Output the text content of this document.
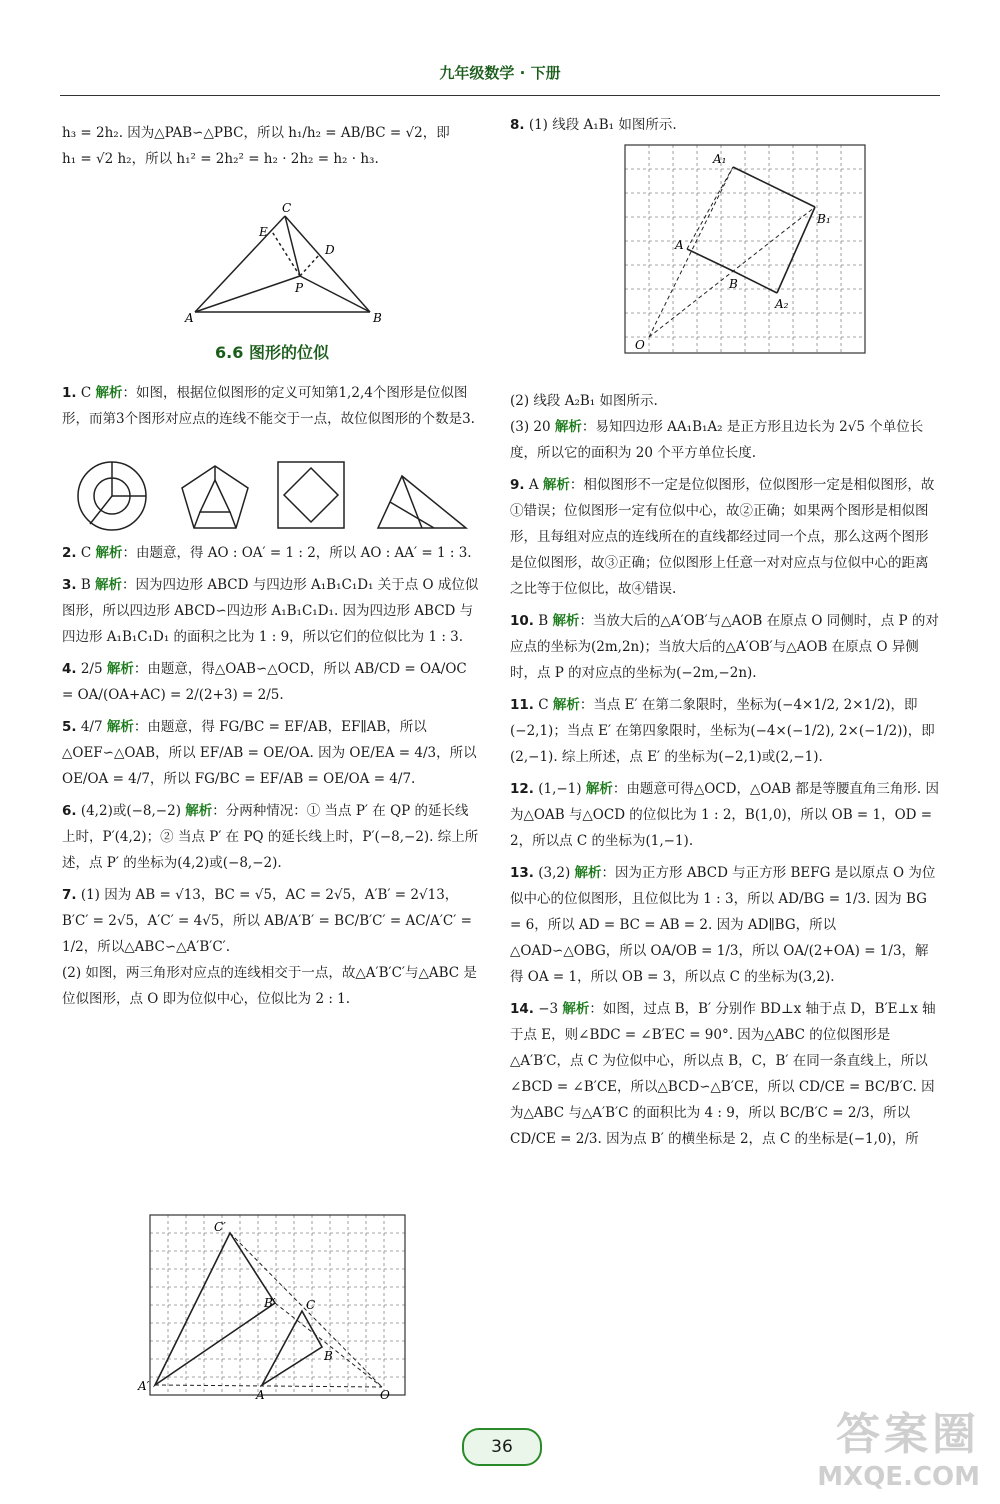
九年级数学 · 下册

h₃ = 2h₂. 因为△PAB∽△PBC，所以 h₁/h₂ = AB/BC = √2，即

h₁ = √2 h₂，所以 h₁² = 2h₂² = h₂ · 2h₂ = h₂ · h₃.

C
E
D
P
A	B
6.6 图形的位似

1. C 解析：如图，根据位似图形的定义可知第1,2,4个图形是位似图形，而第3个图形对应点的连线不能交于一点，故位似图形的个数是3.

2. C 解析：由题意，得 AO : OA′ = 1 : 2，所以 AO : AA′ = 1 : 3.

3. B 解析：因为四边形 ABCD 与四边形 A₁B₁C₁D₁ 关于点 O 成位似图形，所以四边形 ABCD∽四边形 A₁B₁C₁D₁. 因为四边形 ABCD 与四边形 A₁B₁C₁D₁ 的面积之比为 1 : 9，所以它们的位似比为 1 : 3.

4. 2/5 解析：由题意，得△OAB∽△OCD，所以 AB/CD = OA/OC = OA/(OA+AC) = 2/(2+3) = 2/5.

5. 4/7 解析：由题意，得 FG/BC = EF/AB，EF∥AB，所以△OEF∽△OAB，所以 EF/AB = OE/OA. 因为 OE/EA = 4/3，所以 OE/OA = 4/7，所以 FG/BC = EF/AB = OE/OA = 4/7.

6. (4,2)或(−8,−2) 解析：分两种情况：① 当点 P′ 在 QP 的延长线上时，P′(4,2)；② 当点 P′ 在 PQ 的延长线上时，P′(−8,−2). 综上所述，点 P′ 的坐标为(4,2)或(−8,−2).

7. (1) 因为 AB = √13，BC = √5，AC = 2√5，A′B′ = 2√13，B′C′ = 2√5，A′C′ = 4√5，所以 AB/A′B′ = BC/B′C′ = AC/A′C′ = 1/2，所以△ABC∽△A′B′C′.

(2) 如图，两三角形对应点的连线相交于一点，故△A′B′C′与△ABC 是位似图形，点 O 即为位似中心，位似比为 2 : 1.

C′
B′	C
B
A′
A	O

8. (1) 线段 A₁B₁ 如图所示.

A₁
B₁
A
B
A₂
O

(2) 线段 A₂B₁ 如图所示.

(3) 20 解析：易知四边形 AA₁B₁A₂ 是正方形且边长为 2√5 个单位长度，所以它的面积为 20 个平方单位长度.

9. A 解析：相似图形不一定是位似图形，位似图形一定是相似图形，故①错误；位似图形一定有位似中心，故②正确；如果两个图形是相似图形，且每组对应点的连线所在的直线都经过同一个点，那么这两个图形是位似图形，故③正确；位似图形上任意一对对应点与位似中心的距离之比等于位似比，故④错误.

10. B 解析：当放大后的△A′OB′与△AOB 在原点 O 同侧时，点 P 的对应点的坐标为(2m,2n)；当放大后的△A′OB′与△AOB 在原点 O 异侧时，点 P 的对应点的坐标为(−2m,−2n).

11. C 解析：当点 E′ 在第二象限时，坐标为(−4×1/2, 2×1/2)，即(−2,1)；当点 E′ 在第四象限时，坐标为(−4×(−1/2), 2×(−1/2))，即(2,−1). 综上所述，点 E′ 的坐标为(−2,1)或(2,−1).

12. (1,−1) 解析：由题意可得△OCD，△OAB 都是等腰直角三角形. 因为△OAB 与△OCD 的位似比为 1 : 2，B(1,0)，所以 OB = 1，OD = 2，所以点 C 的坐标为(1,−1).

13. (3,2) 解析：因为正方形 ABCD 与正方形 BEFG 是以原点 O 为位似中心的位似图形，且位似比为 1 : 3，所以 AD/BG = 1/3. 因为 BG = 6，所以 AD = BC = AB = 2. 因为 AD∥BG，所以△OAD∽△OBG，所以 OA/OB = 1/3，所以 OA/(2+OA) = 1/3，解得 OA = 1，所以 OB = 3，所以点 C 的坐标为(3,2).

14. −3 解析：如图，过点 B，B′ 分别作 BD⊥x 轴于点 D，B′E⊥x 轴于点 E，则∠BDC = ∠B′EC = 90°. 因为△ABC 的位似图形是△A′B′C，点 C 为位似中心，所以点 B，C，B′ 在同一条直线上，所以∠BCD = ∠B′CE，所以△BCD∽△B′CE，所以 CD/CE = BC/B′C. 因为△ABC 与△A′B′C 的面积比为 4 : 9，所以 BC/B′C = 2/3，所以 CD/CE = 2/3. 因为点 B′ 的横坐标是 2，点 C 的坐标是(−1,0)，所

36	答案圈
MXQE.COM
